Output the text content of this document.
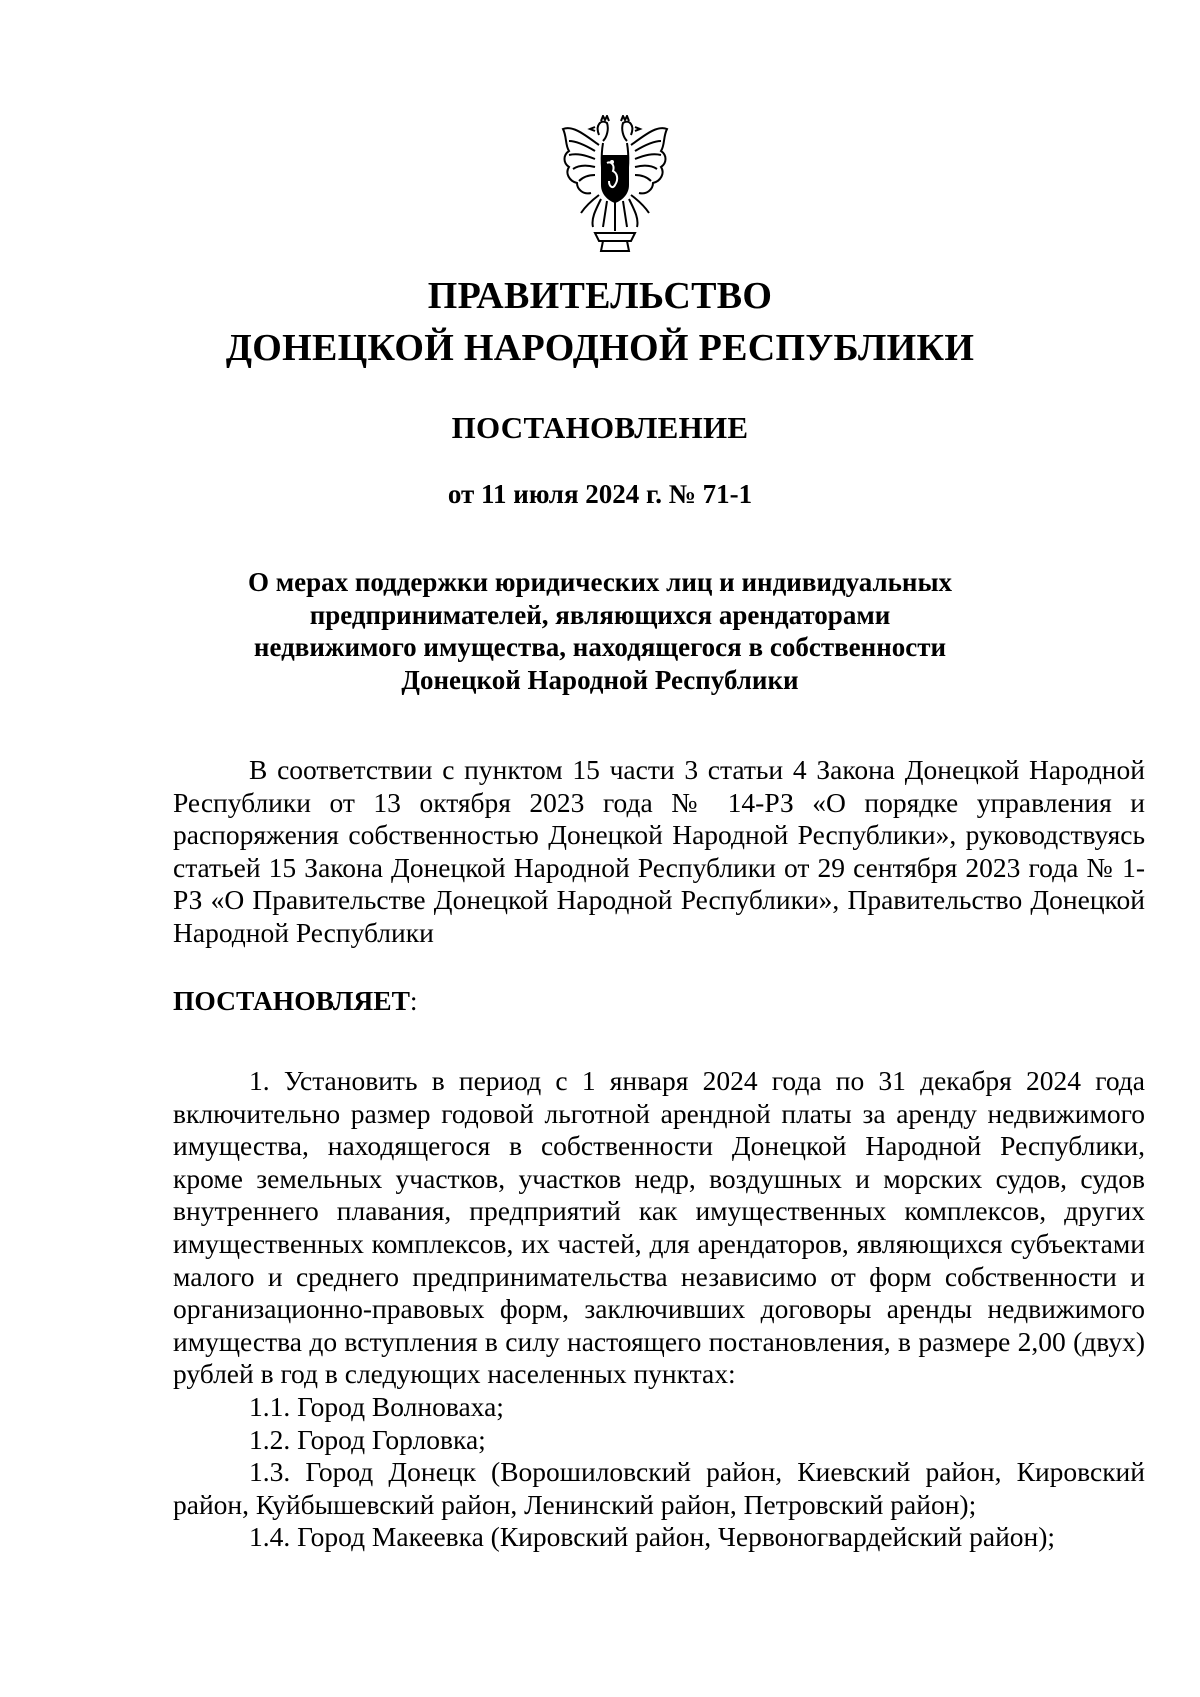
ПРАВИТЕЛЬСТВО
ДОНЕЦКОЙ НАРОДНОЙ РЕСПУБЛИКИ
ПОСТАНОВЛЕНИЕ
от 11 июля 2024 г. № 71-1
О мерах поддержки юридических лиц и индивидуальных
предпринимателей, являющихся арендаторами
недвижимого имущества, находящегося в собственности
Донецкой Народной Республики

В соответствии с пунктом 15 части 3 статьи 4 Закона Донецкой Народной Республики от 13 октября 2023 года № 14-РЗ «О порядке управления и распоряжения собственностью Донецкой Народной Республики», руководствуясь статьей 15 Закона Донецкой Народной Республики от 29 сентября 2023 года № 1-РЗ «О Правительстве Донецкой Народной Республики», Правительство Донецкой Народной Республики

ПОСТАНОВЛЯЕТ:

1. Установить в период с 1 января 2024 года по 31 декабря 2024 года включительно размер годовой льготной арендной платы за аренду недвижимого имущества, находящегося в собственности Донецкой Народной Республики, кроме земельных участков, участков недр, воздушных и морских судов, судов внутреннего плавания, предприятий как имущественных комплексов, других имущественных комплексов, их частей, для арендаторов, являющихся субъектами малого и среднего предпринимательства независимо от форм собственности и организационно-правовых форм, заключивших договоры аренды недвижимого имущества до вступления в силу настоящего постановления, в размере 2,00 (двух) рублей в год в следующих населенных пунктах:

1.1. Город Волноваха;

1.2. Город Горловка;

1.3. Город Донецк (Ворошиловский район, Киевский район, Кировский район, Куйбышевский район, Ленинский район, Петровский район);

1.4. Город Макеевка (Кировский район, Червоногвардейский район);
